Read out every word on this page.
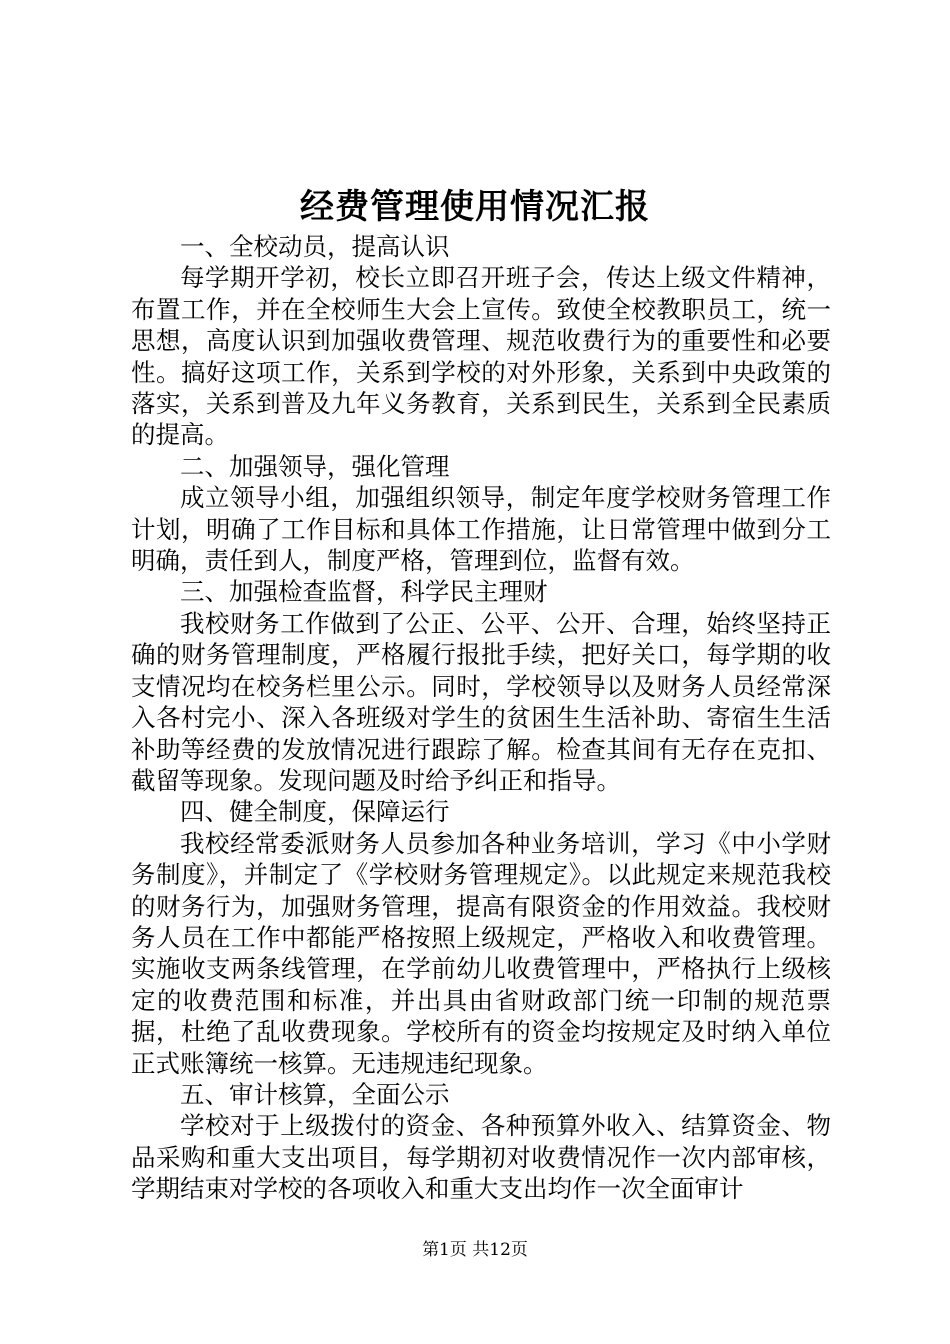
经费管理使用情况汇报

一、全校动员，提高认识

每学期开学初，校长立即召开班子会，传达上级文件精神，布置工作，并在全校师生大会上宣传。致使全校教职员工，统一思想，高度认识到加强收费管理、规范收费行为的重要性和必要性。搞好这项工作，关系到学校的对外形象，关系到中央政策的落实，关系到普及九年义务教育，关系到民生，关系到全民素质的提高。

二、加强领导，强化管理

成立领导小组，加强组织领导，制定年度学校财务管理工作计划，明确了工作目标和具体工作措施，让日常管理中做到分工明确，责任到人，制度严格，管理到位，监督有效。

三、加强检查监督，科学民主理财

我校财务工作做到了公正、公平、公开、合理，始终坚持正确的财务管理制度，严格履行报批手续，把好关口，每学期的收支情况均在校务栏里公示。同时，学校领导以及财务人员经常深入各村完小、深入各班级对学生的贫困生生活补助、寄宿生生活补助等经费的发放情况进行跟踪了解。检查其间有无存在克扣、截留等现象。发现问题及时给予纠正和指导。

四、健全制度，保障运行

我校经常委派财务人员参加各种业务培训，学习《中小学财务制度》，并制定了《学校财务管理规定》。以此规定来规范我校的财务行为，加强财务管理，提高有限资金的作用效益。我校财务人员在工作中都能严格按照上级规定，严格收入和收费管理。实施收支两条线管理，在学前幼儿收费管理中，严格执行上级核定的收费范围和标准，并出具由省财政部门统一印制的规范票据，杜绝了乱收费现象。学校所有的资金均按规定及时纳入单位正式账簿统一核算。无违规违纪现象。

五、审计核算，全面公示

学校对于上级拨付的资金、各种预算外收入、结算资金、物品采购和重大支出项目，每学期初对收费情况作一次内部审核，学期结束对学校的各项收入和重大支出均作一次全面审计

第1页 共12页
